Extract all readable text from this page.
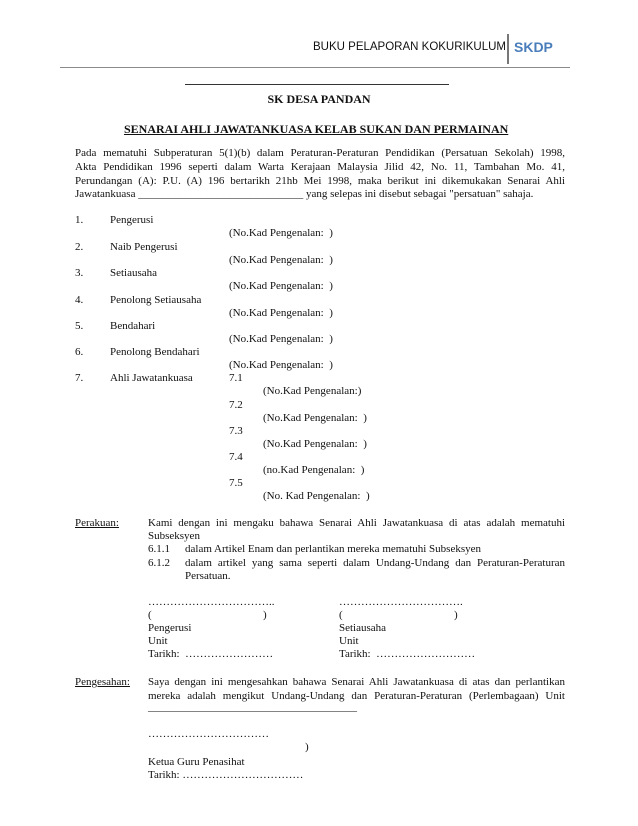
BUKU PELAPORAN KOKURIKULUM SKDP
SK DESA PANDAN
SENARAI AHLI JAWATANKUASA KELAB SUKAN DAN PERMAINAN
Pada mematuhi Subperaturan 5(1)(b) dalam Peraturan-Peraturan Pendidikan (Persatuan Sekolah) 1998,
Akta Pendidikan 1996 seperti dalam Warta Kerajaan Malaysia Jilid 42, No. 11, Tambahan Mo. 41,
Perundangan (A): P.U. (A) 196 bertarikh 21hb Mei 1998, maka berikut ini dikemukakan Senarai Ahli
Jawatankuasa ______________________________ yang selepas ini disebut sebagai "persatuan" sahaja.
1. Pengerusi
(No.Kad Pengenalan:  )
2. Naib Pengerusi
(No.Kad Pengenalan:  )
3. Setiausaha
(No.Kad Pengenalan:  )
4. Penolong Setiausaha
(No.Kad Pengenalan:  )
5. Bendahari
(No.Kad Pengenalan:  )
6. Penolong Bendahari
(No.Kad Pengenalan:  )
7. Ahli Jawatankuasa	7.1
(No.Kad Pengenalan:)
7.2
(No.Kad Pengenalan:  )
7.3
(No.Kad Pengenalan:  )
7.4
(no.Kad Pengenalan:  )
7.5
(No. Kad Pengenalan:  )
Perakuan:	Kami dengan ini mengaku bahawa Senarai Ahli Jawatankuasa di atas adalah mematuhi
Subseksyen
6.1.1 dalam Artikel Enam dan perlantikan mereka mematuhi Subseksyen
6.1.2 dalam artikel yang sama seperti dalam Undang-Undang dan Peraturan-Peraturan
Persatuan.
……………………………..
(	)
Pengerusi
Unit
Tarikh:  ……………………
…………………………….
(	)
Setiausaha
Unit
Tarikh:  ………………………
Pengesahan: Saya dengan ini mengesahkan bahawa Senarai Ahli Jawatankuasa di atas dan perlantikan
mereka adalah mengikut Undang-Undang dan Peraturan-Peraturan (Perlembagaan) Unit
______________________________________
……………………………
)
Ketua Guru Penasihat
Tarikh: ……………………………
